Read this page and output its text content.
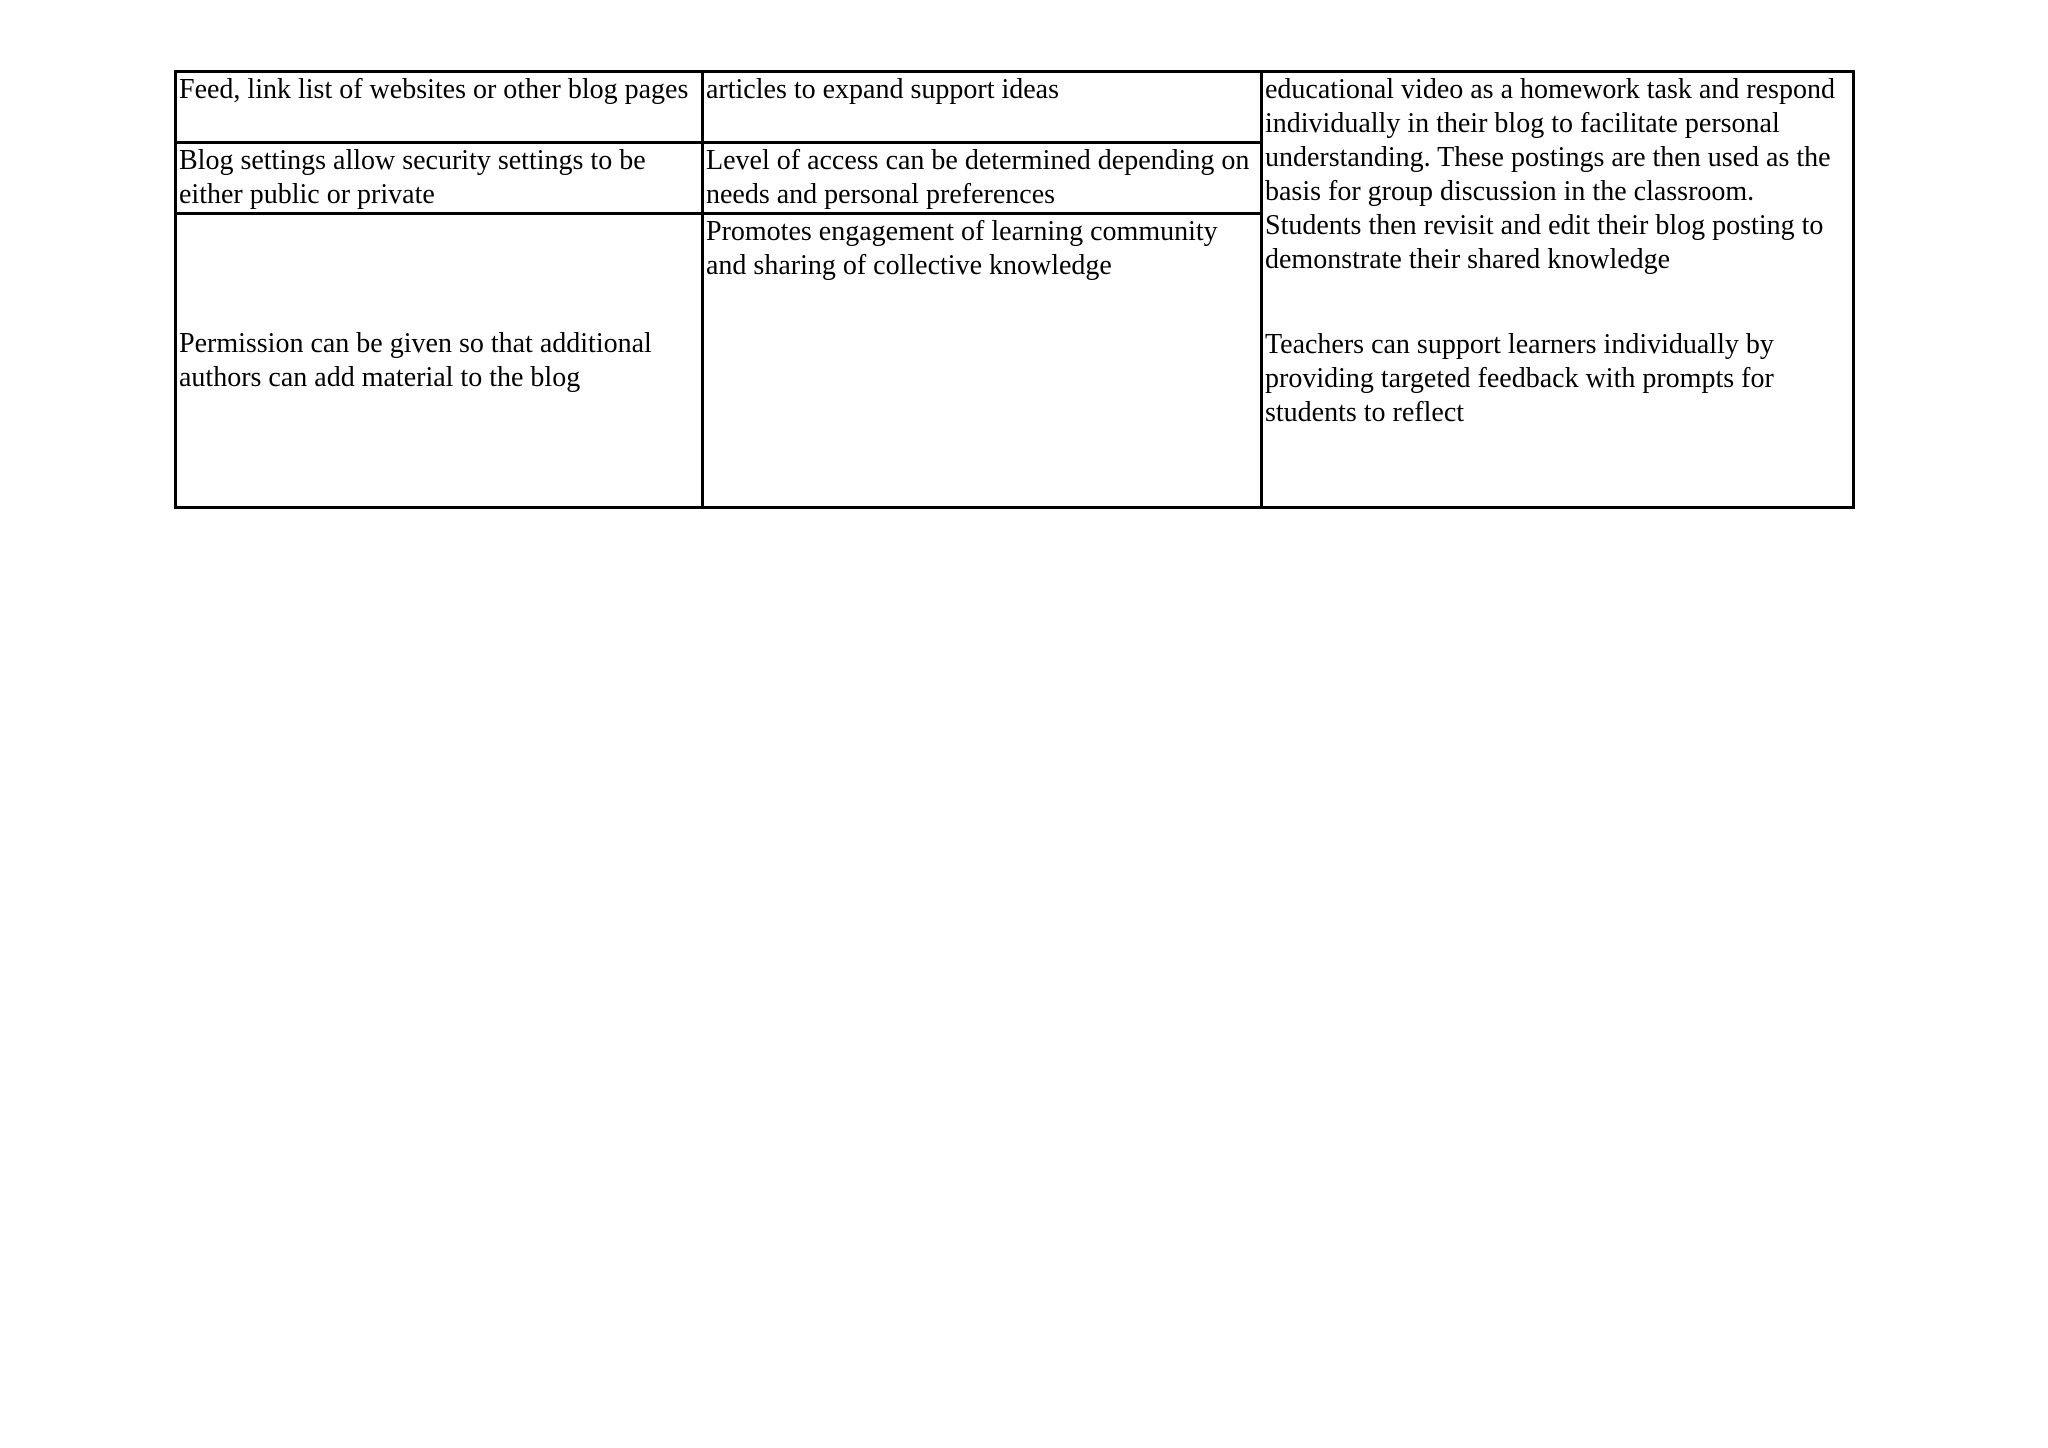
Feed, link list of websites or other blog pages	articles to expand support ideas	educational video as a homework task and respond individually in their blog to facilitate personal understanding. These postings are then used as the basis for group discussion in the classroom. Students then revisit and edit their blog posting to demonstrate their shared knowledge
Teachers can support learners individually by providing targeted feedback with prompts for students to reflect

Blog settings allow security settings to be either public or private	Level of access can be determined depending on needs and personal preferences	
Permission can be given so that additional authors can add material to the blog	Promotes engagement of learning community and sharing of collective knowledge	
